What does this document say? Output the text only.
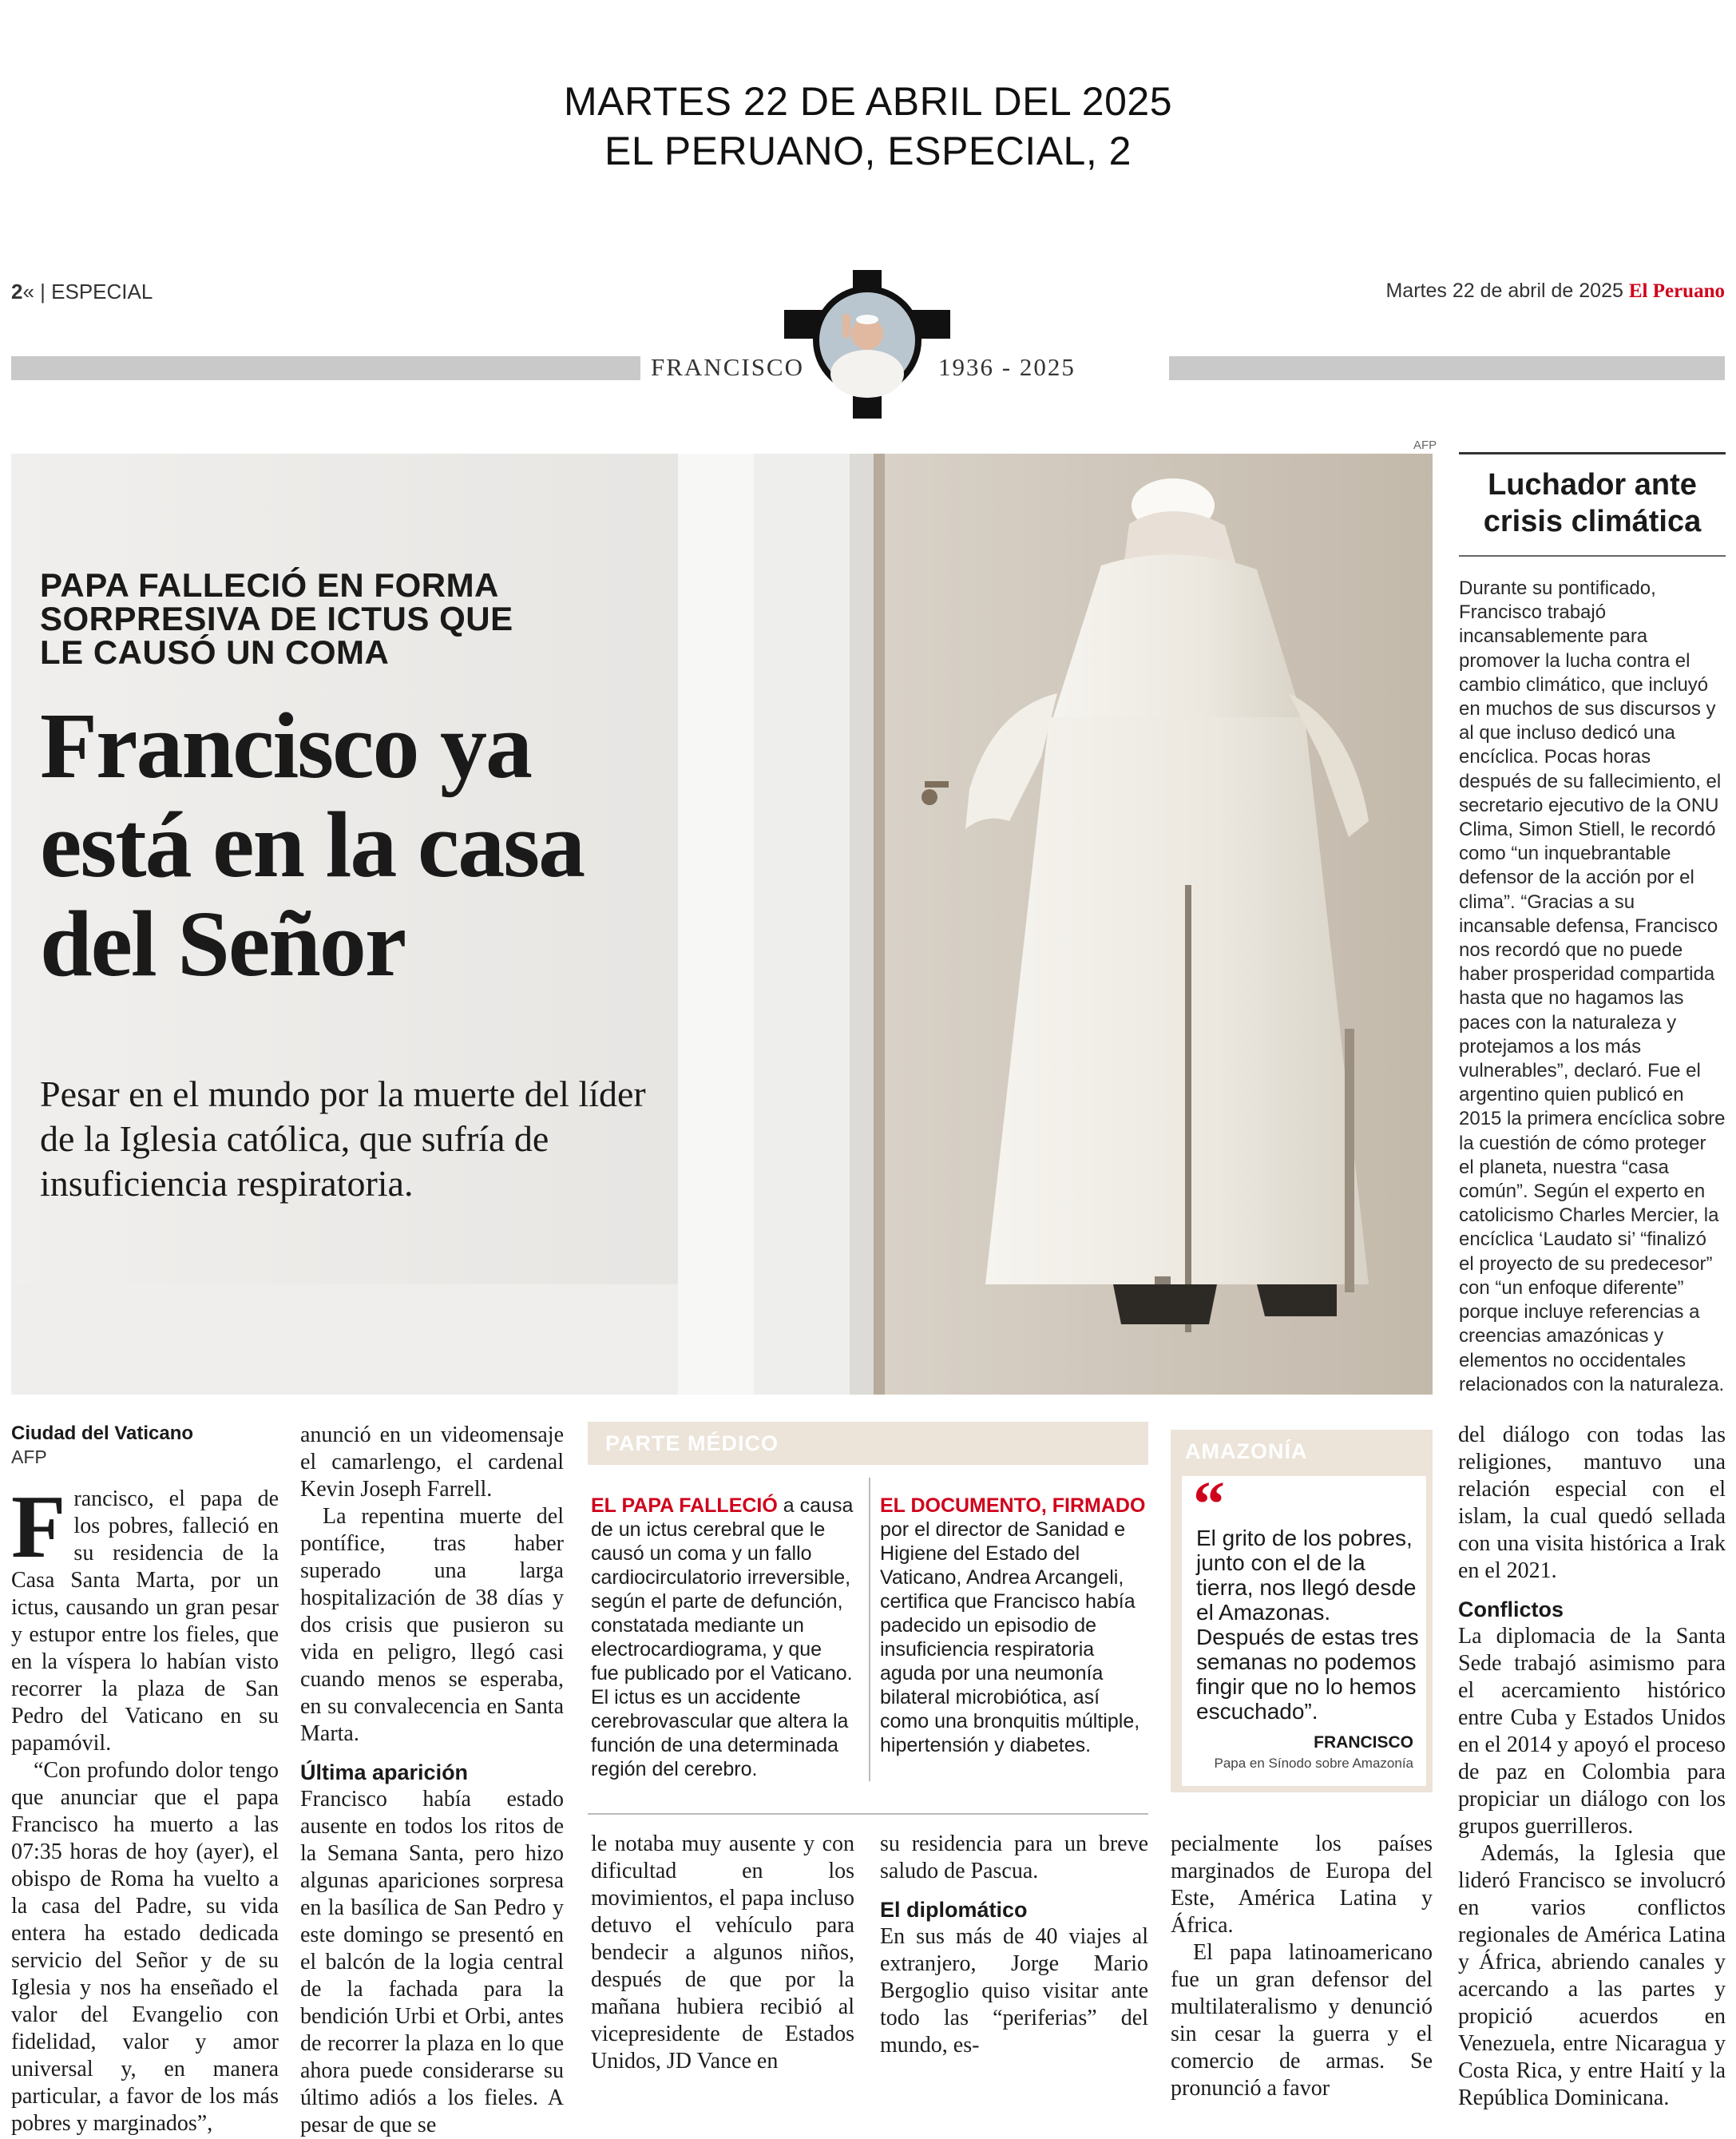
MARTES 22 DE ABRIL DEL 2025
EL PERUANO, ESPECIAL, 2
2« | ESPECIAL	Martes 22 de abril de 2025 El Peruano
FRANCISCO	1936 - 2025
AFP
PAPA FALLECIÓ EN FORMA SORPRESIVA DE ICTUS QUE LE CAUSÓ UN COMA
Francisco ya está en la casa del Señor
Pesar en el mundo por la muerte del líder de la Iglesia católica, que sufría de insuficiencia respiratoria.
Luchador ante crisis climática
Durante su pontificado, Francisco trabajó incansablemente para promover la lucha contra el cambio climático, que incluyó en muchos de sus discursos y al que incluso dedicó una encíclica. Pocas horas después de su fallecimiento, el secretario ejecutivo de la ONU Clima, Simon Stiell, le recordó como “un inquebrantable defensor de la acción por el clima”. “Gracias a su incansable defensa, Francisco nos recordó que no puede haber prosperidad compartida hasta que no hagamos las paces con la naturaleza y protejamos a los más vulnerables”, declaró. Fue el argentino quien publicó en 2015 la primera encíclica sobre la cuestión de cómo proteger el planeta, nuestra “casa común”. Según el experto en catolicismo Charles Mercier, la encíclica ‘Laudato si’ “finalizó el proyecto de su predecesor” con “un enfoque diferente” porque incluye referencias a creencias amazónicas y elementos no occidentales relacionados con la naturaleza.
Ciudad del Vaticano
AFP
F rancisco, el papa de los pobres, falleció en su residencia de la Casa Santa Marta, por un ictus, causando un gran pesar y estupor entre los fieles, que en la víspera lo habían visto recorrer la plaza de San Pedro del Vaticano en su papamóvil.
“Con profundo dolor tengo que anunciar que el papa Francisco ha muerto a las 07:35 horas de hoy (ayer), el obispo de Roma ha vuelto a la casa del Padre, su vida entera ha estado dedicada servicio del Señor y de su Iglesia y nos ha enseñado el valor del Evangelio con fidelidad, valor y amor universal y, en manera particular, a favor de los más pobres y marginados”,
anunció en un videomensaje el camarlengo, el cardenal Kevin Joseph Farrell.
La repentina muerte del pontífice, tras haber superado una larga hospitalización de 38 días y dos crisis que pusieron su vida en peligro, llegó casi cuando menos se esperaba, en su convalecencia en Santa Marta.
Última aparición
Francisco había estado ausente en todos los ritos de la Semana Santa, pero hizo algunas apariciones sorpresa en la basílica de San Pedro y este domingo se presentó en el balcón de la logia central de la fachada para la bendición Urbi et Orbi, antes de recorrer la plaza en lo que ahora puede considerarse su último adiós a los fieles. A pesar de que se
PARTE MÉDICO
EL PAPA FALLECIÓ a causa de un ictus cerebral que le causó un coma y un fallo cardiocirculatorio irreversible, según el parte de defunción, constatada mediante un electrocardiograma, y que fue publicado por el Vaticano. El ictus es un accidente cerebrovascular que altera la función de una determinada región del cerebro.
EL DOCUMENTO, FIRMADO por el director de Sanidad e Higiene del Estado del Vaticano, Andrea Arcangeli, certifica que Francisco había padecido un episodio de insuficiencia respiratoria aguda por una neumonía bilateral microbiótica, así como una bronquitis múltiple, hipertensión y diabetes.
le notaba muy ausente y con dificultad en los movimientos, el papa incluso detuvo el vehículo para bendecir a algunos niños, después de que por la mañana hubiera recibió al vicepresidente de Estados Unidos, JD Vance en
su residencia para un breve saludo de Pascua.
El diplomático
En sus más de 40 viajes al extranjero, Jorge Mario Bergoglio quiso visitar ante todo las “periferias” del mundo, es-
AMAZONÍA
“
El grito de los pobres, junto con el de la tierra, nos llegó desde el Amazonas. Después de estas tres semanas no podemos fingir que no lo hemos escuchado”.
FRANCISCO
Papa en Sínodo sobre Amazonía
pecialmente los países marginados de Europa del Este, América Latina y África.
El papa latinoamericano fue un gran defensor del multilateralismo y denunció sin cesar la guerra y el comercio de armas. Se pronunció a favor
del diálogo con todas las religiones, mantuvo una relación especial con el islam, la cual quedó sellada con una visita histórica a Irak en el 2021.
Conflictos
La diplomacia de la Santa Sede trabajó asimismo para el acercamiento histórico entre Cuba y Estados Unidos en el 2014 y apoyó el proceso de paz en Colombia para propiciar un diálogo con los grupos guerrilleros.
Además, la Iglesia que lideró Francisco se involucró en varios conflictos regionales de América Latina y África, abriendo canales y acercando a las partes y propició acuerdos en Venezuela, entre Nicaragua y Costa Rica, y entre Haití y la República Dominicana.
